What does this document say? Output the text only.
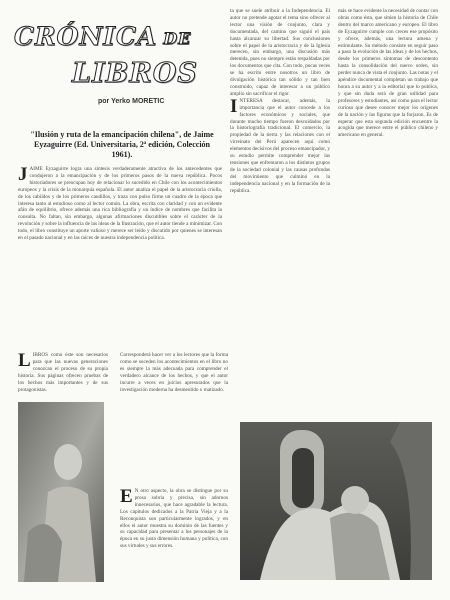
CRÓNICA DE
LIBROS
por Yerko MORETIC
"Ilusión y ruta de la emancipación chilena", de Jaime Eyzaguirre (Ed. Universitaria, 2ª edición, Colección 1961).
JAIME Eyzaguirre logra una síntesis verdaderamente atractiva de los antecedentes que condujeron a la emancipación y de los primeros pasos de la nueva república. Pocos historiadores se preocupan hoy de relacionar lo sucedido en Chile con los acontecimientos europeos y la crisis de la monarquía española. El autor analiza el papel de la aristocracia criolla, de los cabildos y de los primeros caudillos, y traza con pulso firme un cuadro de la época que interesa tanto al estudioso como al lector común. La obra, escrita con claridad y con un evidente afán de equilibrio, ofrece además una rica bibliografía y un índice de nombres que facilita la consulta. No faltan, sin embargo, algunas afirmaciones discutibles sobre el carácter de la revolución y sobre la influencia de las ideas de la Ilustración, que el autor tiende a minimizar. Con todo, el libro constituye un aporte valioso y merece ser leído y discutido por quienes se interesan en el pasado nacional y en las raíces de nuestra independencia política.
LIBROS como éste son necesarios para que las nuevas generaciones conozcan el proceso de su propia historia. Sus páginas ofrecen pruebas de los hechos más importantes y de sus protagonistas.
Corresponderá hacer ver a los lectores que la forma como se suceden los acontecimientos en el libro no es siempre la más adecuada para comprender el verdadero alcance de los hechos, y que el autor incurre a veces en juicios apresurados que la investigación moderna ha desmentido o matizado.
E N otro aspecto, la obra se distingue por su prosa sobria y precisa, sin adornos innecesarios, que hace agradable la lectura. Los capítulos dedicados a la Patria Vieja y a la Reconquista son particularmente logrados, y en ellos el autor muestra su dominio de las fuentes y su capacidad para presentar a los personajes de la época en su justa dimensión humana y política, con sus virtudes y sus errores.
ta que se suele atribuir a la Independencia. El autor no pretende agotar el tema sino ofrecer al lector una visión de conjunto, clara y documentada, del camino que siguió el país hasta alcanzar su libertad. Sus conclusiones sobre el papel de la aristocracia y de la Iglesia merecen, sin embargo, una discusión más detenida, pues no siempre están respaldadas por los documentos que cita. Con todo, pocas veces se ha escrito entre nosotros un libro de divulgación histórica tan sólido y tan bien construido, capaz de interesar a un público amplio sin sacrificar el rigor.

I NTERESA destacar, además, la importancia que el autor concede a los factores económicos y sociales, que durante mucho tiempo fueron descuidados por la historiografía tradicional. El comercio, la propiedad de la tierra y las relaciones con el virreinato del Perú aparecen aquí como elementos decisivos del proceso emancipador, y su estudio permite comprender mejor las tensiones que enfrentaron a los distintos grupos de la sociedad colonial y las causas profundas del movimiento que culminó en la independencia nacional y en la formación de la república.
más se hace evidente la necesidad de contar con obras como ésta, que sitúen la historia de Chile dentro del marco americano y europeo. El libro de Eyzaguirre cumple con creces ese propósito y ofrece, además, una lectura amena y estimulante. Su método consiste en seguir paso a paso la evolución de las ideas y de los hechos, desde los primeros síntomas de descontento hasta la consolidación del nuevo orden, sin perder nunca de vista el conjunto. Las notas y el apéndice documental completan un trabajo que honra a su autor y a la editorial que lo publica, y que sin duda será de gran utilidad para profesores y estudiantes, así como para el lector curioso que desee conocer mejor los orígenes de la nación y las figuras que la forjaron. Es de esperar que esta segunda edición encuentre la acogida que merece entre el público chileno y americano en general.
